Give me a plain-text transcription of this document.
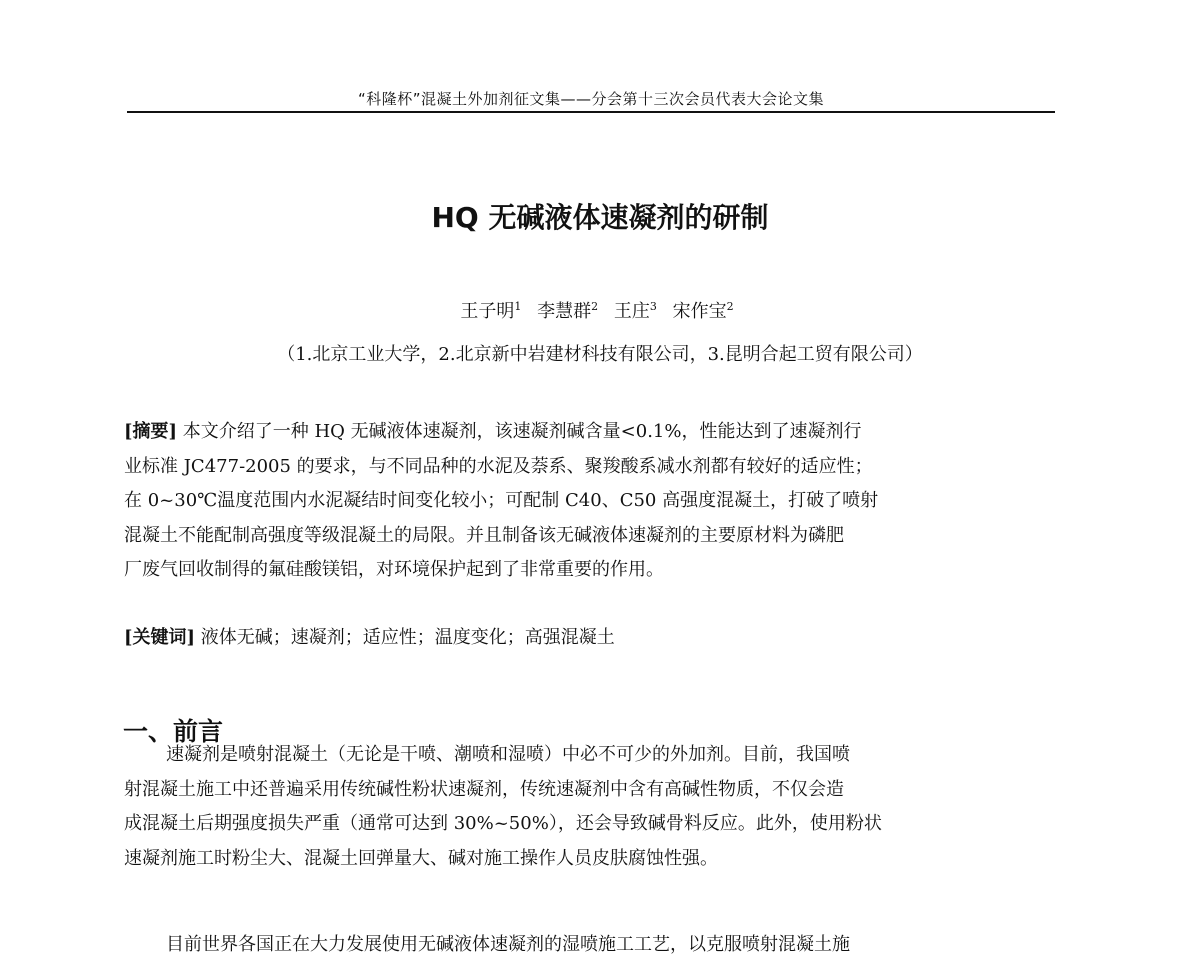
“科隆杯”混凝土外加剂征文集——分会第十三次会员代表大会论文集
HQ 无碱液体速凝剂的研制
王子明$^1$ 李慧群$^2$ 王庄$^3$ 宋作宝$^2$
（1.北京工业大学，2.北京新中岩建材科技有限公司，3.昆明合起工贸有限公司）
[摘要] 本文介绍了一种 HQ 无碱液体速凝剂，该速凝剂碱含量<0.1%，性能达到了速凝剂行
业标准 JC477-2005 的要求，与不同品种的水泥及萘系、聚羧酸系减水剂都有较好的适应性；
在 0~30℃温度范围内水泥凝结时间变化较小；可配制 C40、C50 高强度混凝土，打破了喷射
混凝土不能配制高强度等级混凝土的局限。并且制备该无碱液体速凝剂的主要原材料为磷肥
厂废气回收制得的氟硅酸镁铝，对环境保护起到了非常重要的作用。
[关键词] 液体无碱；速凝剂；适应性；温度变化；高强混凝土
一、前言
速凝剂是喷射混凝土（无论是干喷、潮喷和湿喷）中必不可少的外加剂。目前，我国喷
射混凝土施工中还普遍采用传统碱性粉状速凝剂，传统速凝剂中含有高碱性物质，不仅会造
成混凝土后期强度损失严重（通常可达到 30%~50%），还会导致碱骨料反应。此外，使用粉状
速凝剂施工时粉尘大、混凝土回弹量大、碱对施工操作人员皮肤腐蚀性强。
目前世界各国正在大力发展使用无碱液体速凝剂的湿喷施工工艺，以克服喷射混凝土施
